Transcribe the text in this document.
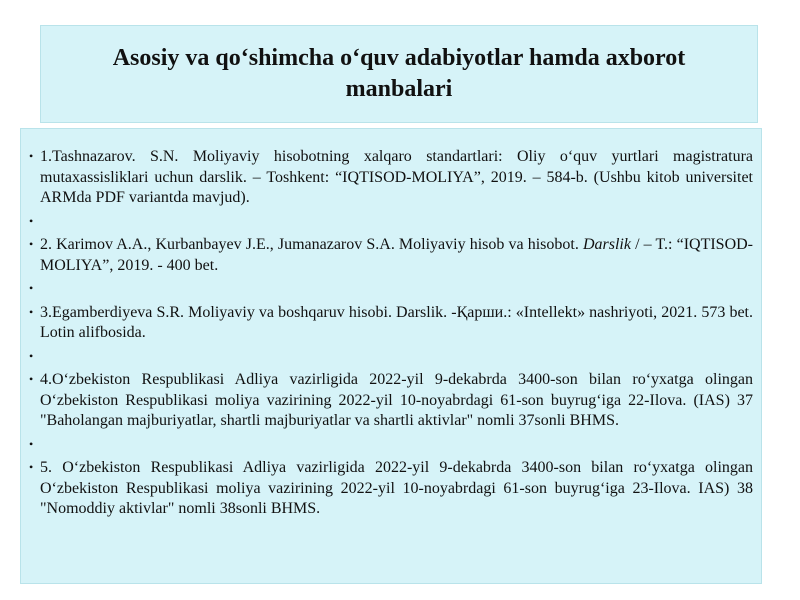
Asosiy va qo‘shimcha o‘quv adabiyotlar hamda axborot manbalari
• 1.Tashnazarov. S.N. Moliyaviy hisobotning xalqaro standartlari: Oliy o‘quv yurtlari magistratura mutaxassisliklari uchun darslik. – Toshkent: “IQTISOD-MOLIYA”, 2019. – 584-b. (Ushbu kitob universitet ARMda PDF variantda mavjud).
•
• 2. Karimov A.A., Kurbanbayev J.E., Jumanazarov S.A. Moliyaviy hisob va hisobot. Darslik / – T.: “IQTISOD-MOLIYA”, 2019. - 400 bet.
•
• 3.Egamberdiyeva S.R. Moliyaviy va boshqaruv hisobi. Darslik. -Қарши.: «Intellekt» nashriyoti, 2021. 573 bet. Lotin alifbosida.
•
• 4.O‘zbekiston Respublikasi Adliya vazirligida 2022-yil 9-dekabrda 3400-son bilan ro‘yxatga olingan O‘zbekiston Respublikasi moliya vazirining 2022-yil 10-noyabrdagi 61-son buyrug‘iga 22-Ilova. (IAS) 37 "Baholangan majburiyatlar, shartli majburiyatlar va shartli aktivlar" nomli 37sonli BHMS.
•
• 5. O‘zbekiston Respublikasi Adliya vazirligida 2022-yil 9-dekabrda 3400-son bilan ro‘yxatga olingan O‘zbekiston Respublikasi moliya vazirining 2022-yil 10-noyabrdagi 61-son buyrug‘iga 23-Ilova. IAS) 38 "Nomoddiy aktivlar" nomli 38sonli BHMS.
